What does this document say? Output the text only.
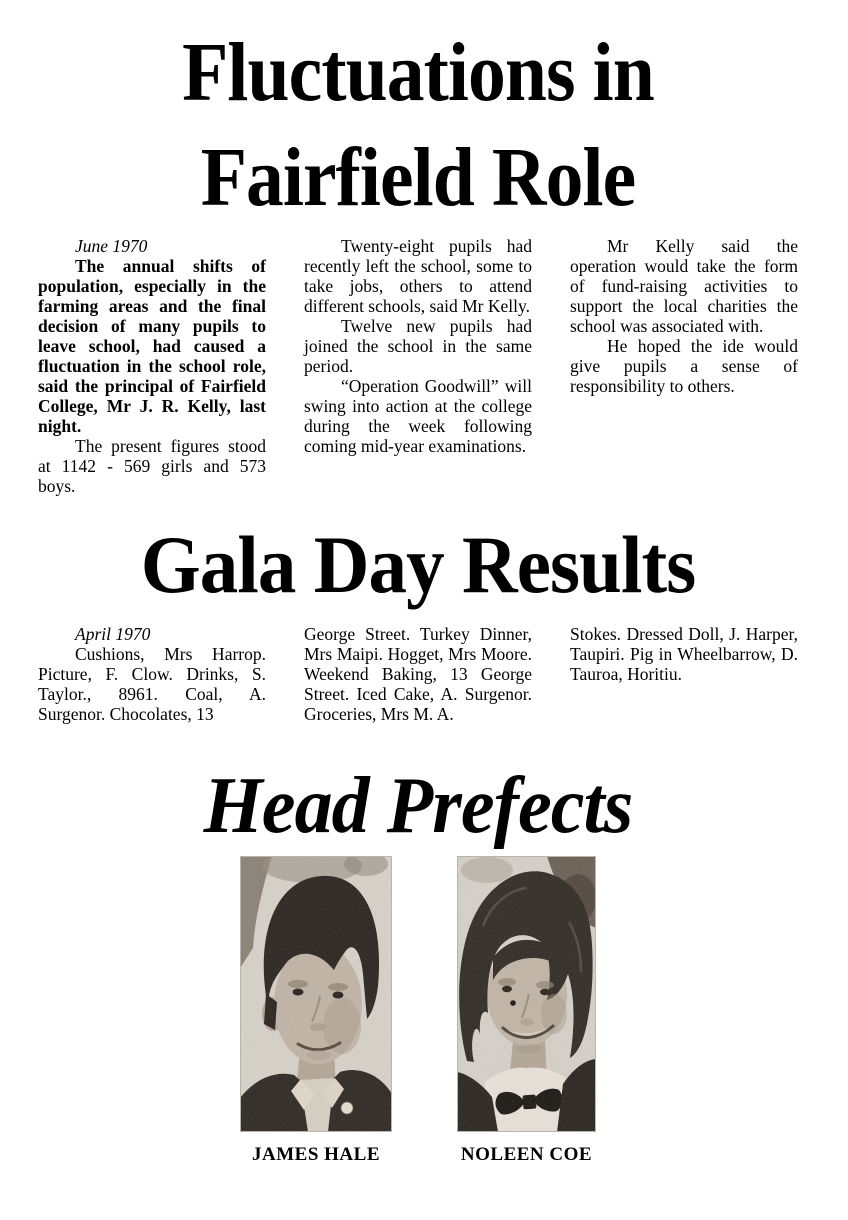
Fluctuations in
Fairfield Role

June 1970

The annual shifts of population, especially in the farming areas and the final decision of many pupils to leave school, had caused a fluctuation in the school role, said the principal of Fairfield College, Mr J. R. Kelly, last night.

The present figures stood at 1142 - 569 girls and 573 boys.

Twenty-eight pupils had recently left the school, some to take jobs, others to attend different schools, said Mr Kelly.

Twelve new pupils had joined the school in the same period.

“Operation Goodwill” will swing into action at the college during the week following coming mid-year examinations.

Mr Kelly said the operation would take the form of fund-raising activities to support the local charities the school was associated with.

He hoped the ide would give pupils a sense of responsibility to others.

Gala Day Results

April 1970

Cushions, Mrs Harrop. Picture, F. Clow. Drinks, S. Taylor., 8961. Coal, A. Surgenor. Chocolates, 13

George Street. Turkey Dinner, Mrs Maipi. Hogget, Mrs Moore. Weekend Baking, 13 George Street. Iced Cake, A. Surgenor. Groceries, Mrs M. A.

Stokes. Dressed Doll, J. Harper, Taupiri. Pig in Wheelbarrow, D. Tauroa, Horitiu.

Head Prefects
JAMES HALE	NOLEEN COE
